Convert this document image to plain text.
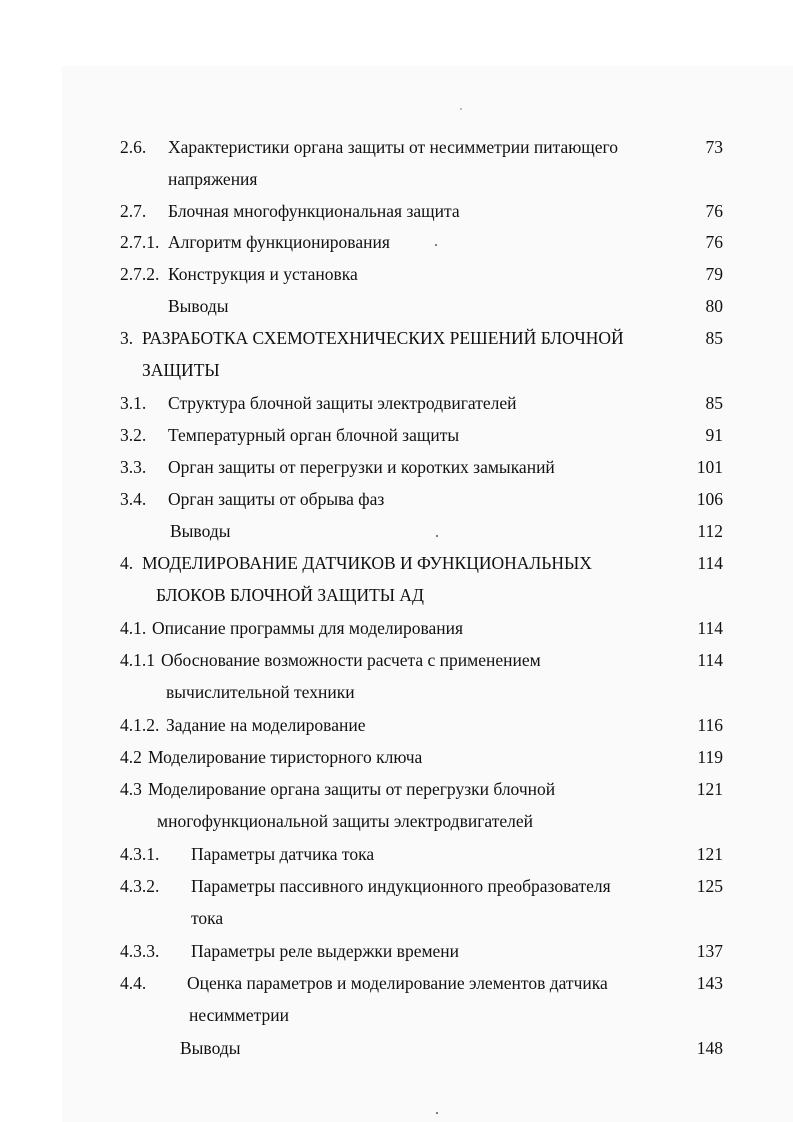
2.6. Характеристики органа защиты от несимметрии питающего	73
напряжения
2.7. Блочная многофункциональная защита	76
2.7.1. Алгоритм функционирования	76
2.7.2. Конструкция и установка	79
Выводы	80
3. РАЗРАБОТКА СХЕМОТЕХНИЧЕСКИХ РЕШЕНИЙ БЛОЧНОЙ	85
ЗАЩИТЫ
3.1. Структура блочной защиты электродвигателей	85
3.2. Температурный орган блочной защиты	91
3.3. Орган защиты от перегрузки и коротких замыканий	101
3.4. Орган защиты от обрыва фаз	106
Выводы	112
4. МОДЕЛИРОВАНИЕ ДАТЧИКОВ И ФУНКЦИОНАЛЬНЫХ	114
БЛОКОВ БЛОЧНОЙ ЗАЩИТЫ АД
4.1. Описание программы для моделирования	114
4.1.1 Обоснование возможности расчета с применением	114
вычислительной техники
4.1.2. Задание на моделирование	116
4.2 Моделирование тиристорного ключа	119
4.3 Моделирование органа защиты от перегрузки блочной	121
многофункциональной защиты электродвигателей
4.3.1. Параметры датчика тока	121
4.3.2. Параметры пассивного индукционного преобразователя	125
тока
4.3.3. Параметры реле выдержки времени	137
4.4. Оценка параметров и моделирование элементов датчика	143
несимметрии
Выводы	148
